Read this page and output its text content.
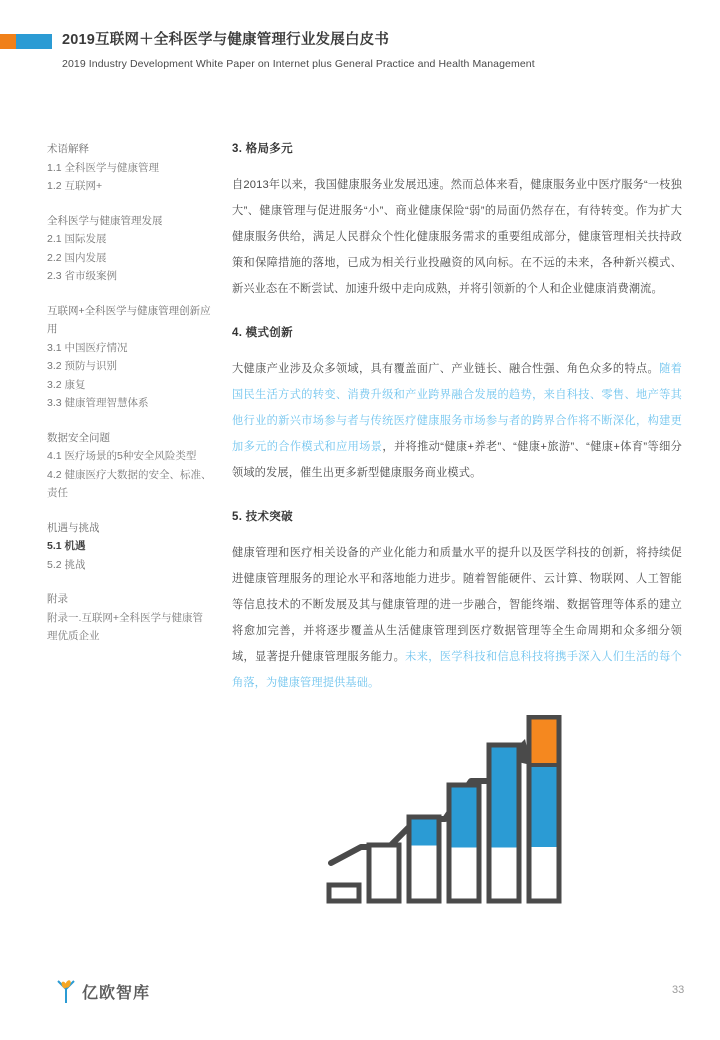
2019互联网＋全科医学与健康管理行业发展白皮书
2019 Industry Development White Paper on Internet plus General Practice and Health Management
术语解释
1.1 全科医学与健康管理
1.2 互联网+
全科医学与健康管理发展
2.1 国际发展
2.2 国内发展
2.3 省市级案例
互联网+全科医学与健康管理创新应用
3.1 中国医疗情况
3.2 预防与识别
3.2 康复
3.3 健康管理智慧体系
数据安全问题
4.1 医疗场景的5种安全风险类型
4.2 健康医疗大数据的安全、标准、责任
机遇与挑战
5.1 机遇
5.2 挑战
附录
附录一.互联网+全科医学与健康管理优质企业
3. 格局多元

自2013年以来，我国健康服务业发展迅速。然而总体来看，健康服务业中医疗服务“一枝独大”、健康管理与促进服务“小”、商业健康保险“弱”的局面仍然存在，有待转变。作为扩大健康服务供给，满足人民群众个性化健康服务需求的重要组成部分，健康管理相关扶持政策和保障措施的落地，已成为相关行业投融资的风向标。在不远的未来，各种新兴模式、新兴业态在不断尝试、加速升级中走向成熟，并将引领新的个人和企业健康消费潮流。

4. 模式创新

大健康产业涉及众多领域，具有覆盖面广、产业链长、融合性强、角色众多的特点。随着国民生活方式的转变、消费升级和产业跨界融合发展的趋势，来自科技、零售、地产等其他行业的新兴市场参与者与传统医疗健康服务市场参与者的跨界合作将不断深化，构建更加多元的合作模式和应用场景，并将推动“健康+养老”、“健康+旅游”、“健康+体育”等细分领域的发展，催生出更多新型健康服务商业模式。

5. 技术突破

健康管理和医疗相关设备的产业化能力和质量水平的提升以及医学科技的创新，将持续促进健康管理服务的理论水平和落地能力进步。随着智能硬件、云计算、物联网、人工智能等信息技术的不断发展及其与健康管理的进一步融合，智能终端、数据管理等体系的建立将愈加完善，并将逐步覆盖从生活健康管理到医疗数据管理等全生命周期和众多细分领域，显著提升健康管理服务能力。未来，医学科技和信息科技将携手深入人们生活的每个角落，为健康管理提供基础。

亿欧智库	33
